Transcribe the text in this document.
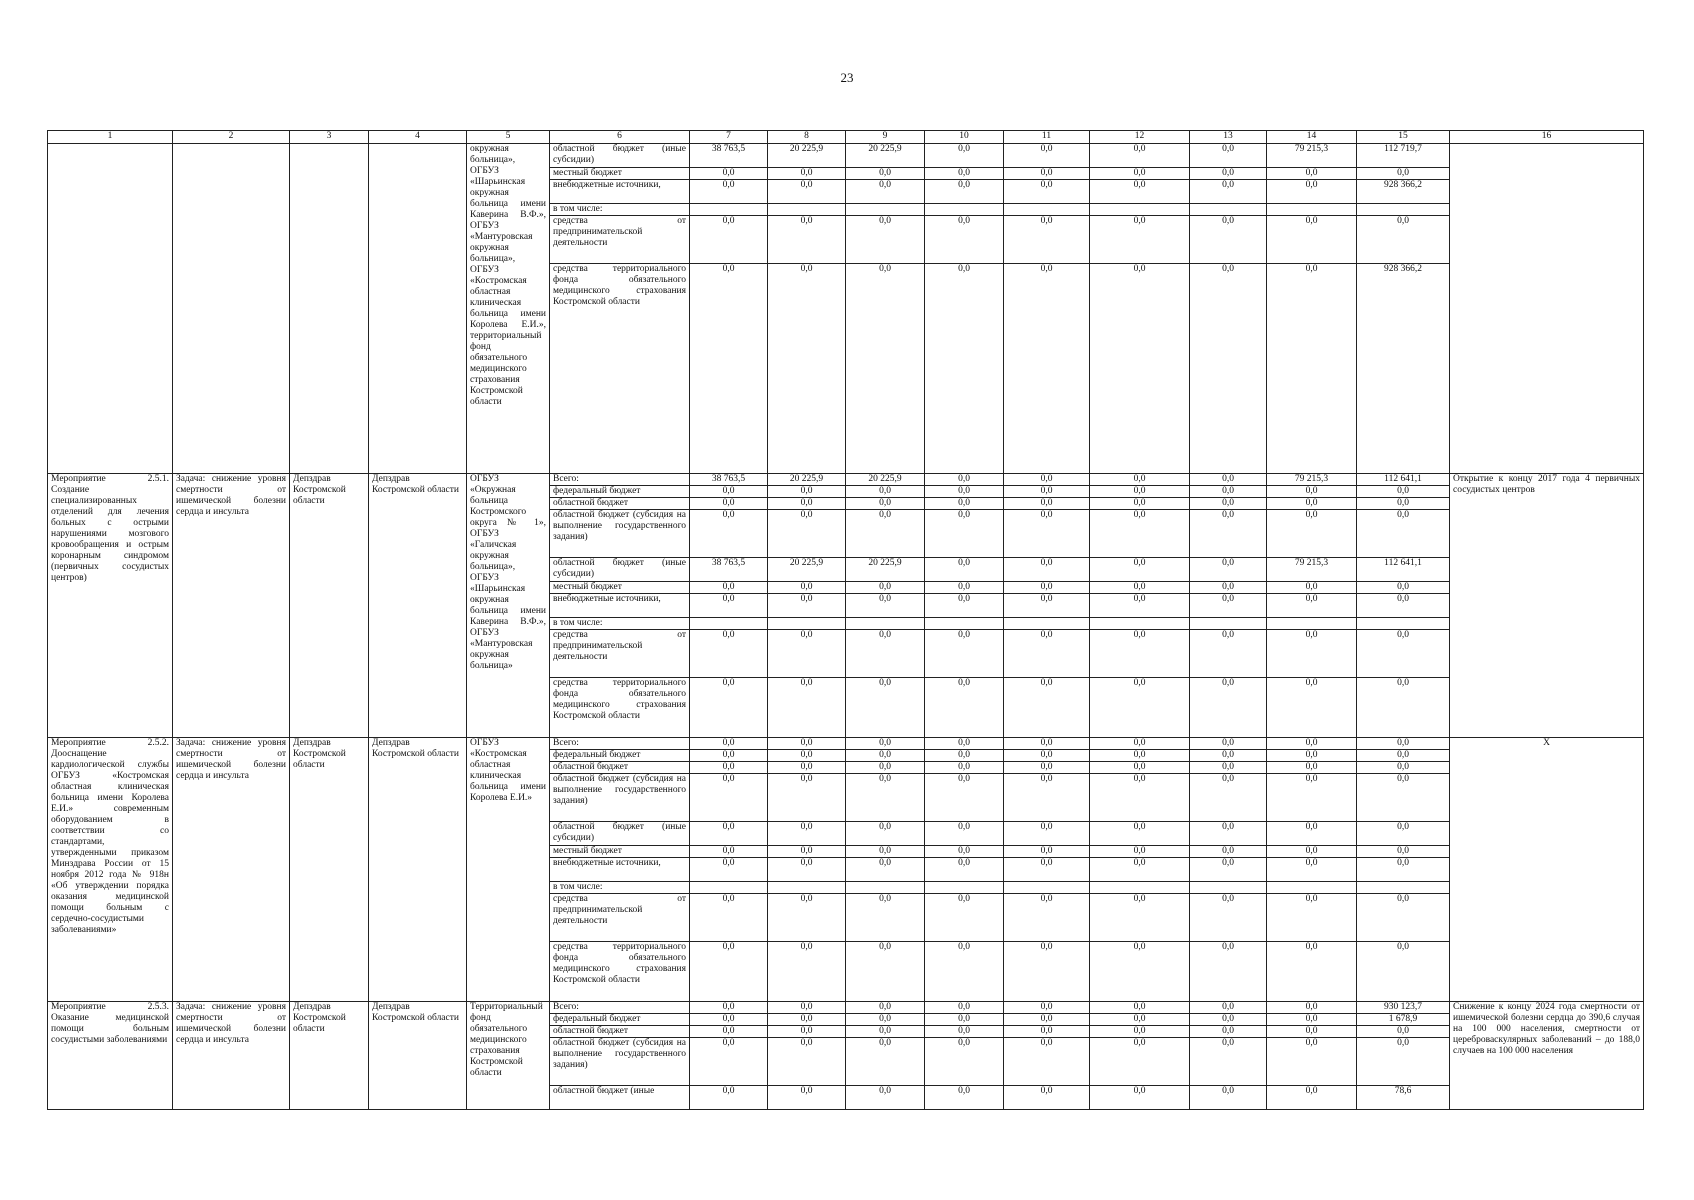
23
1	2	3	4	5	6	7	8	9	10	11	12	13	14	15	16
				окружная больница», ОГБУЗ «Шарьинская окружная больница имени Каверина В.Ф.», ОГБУЗ «Мантуровская окружная больница», ОГБУЗ «Костромская областная клиническая больница имени Королева Е.И.», территориальный фонд обязательного медицинского страхования Костромской области	областной бюджет (иные субсидии)	38 763,5	20 225,9	20 225,9	0,0	0,0	0,0	0,0	79 215,3	112 719,7	
					местный бюджет	0,0	0,0	0,0	0,0	0,0	0,0	0,0	0,0	0,0	
					внебюджетные источники,	0,0	0,0	0,0	0,0	0,0	0,0	0,0	0,0	928 366,2	
					в том числе:										
					средства от предпринимательской деятельности	0,0	0,0	0,0	0,0	0,0	0,0	0,0	0,0	0,0	
					средства территориального фонда обязательного медицинского страхования Костромской области	0,0	0,0	0,0	0,0	0,0	0,0	0,0	0,0	928 366,2	
Мероприятие 2.5.1. Создание специализированных отделений для лечения больных с острыми нарушениями мозгового кровообращения и острым коронарным синдромом (первичных сосудистых центров)	Задача: снижение уровня смертности от ишемической болезни сердца и инсульта	Депздрав Костромской области	Депздрав Костромской области	ОГБУЗ «Окружная больница Костромского округа № 1», ОГБУЗ «Галичская окружная больница», ОГБУЗ «Шарьинская окружная больница имени Каверина В.Ф.», ОГБУЗ «Мантуровская окружная больница»	Всего:	38 763,5	20 225,9	20 225,9	0,0	0,0	0,0	0,0	79 215,3	112 641,1	Открытие к концу 2017 года 4 первичных сосудистых центров
					федеральный бюджет	0,0	0,0	0,0	0,0	0,0	0,0	0,0	0,0	0,0	
					областной бюджет	0,0	0,0	0,0	0,0	0,0	0,0	0,0	0,0	0,0	
					областной бюджет (субсидия на выполнение государственного задания)	0,0	0,0	0,0	0,0	0,0	0,0	0,0	0,0	0,0	
					областной бюджет (иные субсидии)	38 763,5	20 225,9	20 225,9	0,0	0,0	0,0	0,0	79 215,3	112 641,1	
					местный бюджет	0,0	0,0	0,0	0,0	0,0	0,0	0,0	0,0	0,0	
					внебюджетные источники,	0,0	0,0	0,0	0,0	0,0	0,0	0,0	0,0	0,0	
					в том числе:										
					средства от предпринимательской деятельности	0,0	0,0	0,0	0,0	0,0	0,0	0,0	0,0	0,0	
					средства территориального фонда обязательного медицинского страхования Костромской области	0,0	0,0	0,0	0,0	0,0	0,0	0,0	0,0	0,0	
Мероприятие 2.5.2. Дооснащение кардиологической службы ОГБУЗ «Костромская областная клиническая больница имени Королева Е.И.» современным оборудованием в соответствии со стандартами, утвержденными приказом Минздрава России от 15 ноября 2012 года № 918н «Об утверждении порядка оказания медицинской помощи больным с сердечно-сосудистыми заболеваниями»	Задача: снижение уровня смертности от ишемической болезни сердца и инсульта	Депздрав Костромской области	Депздрав Костромской области	ОГБУЗ «Костромская областная клиническая больница имени Королева Е.И.»	Всего:	0,0	0,0	0,0	0,0	0,0	0,0	0,0	0,0	0,0	Х
					федеральный бюджет	0,0	0,0	0,0	0,0	0,0	0,0	0,0	0,0	0,0	
					областной бюджет	0,0	0,0	0,0	0,0	0,0	0,0	0,0	0,0	0,0	
					областной бюджет (субсидия на выполнение государственного задания)	0,0	0,0	0,0	0,0	0,0	0,0	0,0	0,0	0,0	
					областной бюджет (иные субсидии)	0,0	0,0	0,0	0,0	0,0	0,0	0,0	0,0	0,0	
					местный бюджет	0,0	0,0	0,0	0,0	0,0	0,0	0,0	0,0	0,0	
					внебюджетные источники,	0,0	0,0	0,0	0,0	0,0	0,0	0,0	0,0	0,0	
					в том числе:										
					средства от предпринимательской деятельности	0,0	0,0	0,0	0,0	0,0	0,0	0,0	0,0	0,0	
					средства территориального фонда обязательного медицинского страхования Костромской области	0,0	0,0	0,0	0,0	0,0	0,0	0,0	0,0	0,0	
Мероприятие 2.5.3. Оказание медицинской помощи больным сосудистыми заболеваниями	Задача: снижение уровня смертности от ишемической болезни сердца и инсульта	Депздрав Костромской области	Депздрав Костромской области	Территориальный фонд обязательного медицинского страхования Костромской области	Всего:	0,0	0,0	0,0	0,0	0,0	0,0	0,0	0,0	930 123,7	Снижение к концу 2024 года смертности от ишемической болезни сердца до 390,6 случая на 100 000 населения, смертности от цереброваскулярных заболеваний – до 188,0 случаев на 100 000 населения
					федеральный бюджет	0,0	0,0	0,0	0,0	0,0	0,0	0,0	0,0	1 678,9	
					областной бюджет	0,0	0,0	0,0	0,0	0,0	0,0	0,0	0,0	0,0	
					областной бюджет (субсидия на выполнение государственного задания)	0,0	0,0	0,0	0,0	0,0	0,0	0,0	0,0	0,0	
					областной бюджет (иные	0,0	0,0	0,0	0,0	0,0	0,0	0,0	0,0	78,6	
